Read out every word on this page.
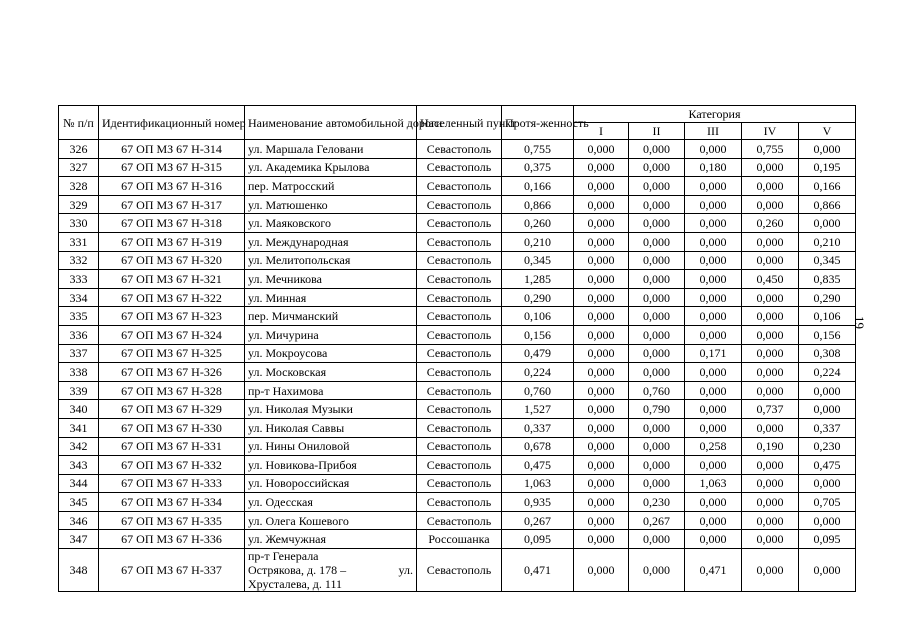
19
№ п/п	Идентификационный номер	Наименование автомобильной дороги	Населенный пункт	Протя-женность	Категория				
					I	II	III	IV	V
326	67 ОП МЗ 67 Н-314	ул. Маршала Геловани	Севастополь	0,755	0,000	0,000	0,000	0,755	0,000
327	67 ОП МЗ 67 Н-315	ул. Академика Крылова	Севастополь	0,375	0,000	0,000	0,180	0,000	0,195
328	67 ОП МЗ 67 Н-316	пер. Матросский	Севастополь	0,166	0,000	0,000	0,000	0,000	0,166
329	67 ОП МЗ 67 Н-317	ул. Матюшенко	Севастополь	0,866	0,000	0,000	0,000	0,000	0,866
330	67 ОП МЗ 67 Н-318	ул. Маяковского	Севастополь	0,260	0,000	0,000	0,000	0,260	0,000
331	67 ОП МЗ 67 Н-319	ул. Международная	Севастополь	0,210	0,000	0,000	0,000	0,000	0,210
332	67 ОП МЗ 67 Н-320	ул. Мелитопольская	Севастополь	0,345	0,000	0,000	0,000	0,000	0,345
333	67 ОП МЗ 67 Н-321	ул. Мечникова	Севастополь	1,285	0,000	0,000	0,000	0,450	0,835
334	67 ОП МЗ 67 Н-322	ул. Минная	Севастополь	0,290	0,000	0,000	0,000	0,000	0,290
335	67 ОП МЗ 67 Н-323	пер. Мичманский	Севастополь	0,106	0,000	0,000	0,000	0,000	0,106
336	67 ОП МЗ 67 Н-324	ул. Мичурина	Севастополь	0,156	0,000	0,000	0,000	0,000	0,156
337	67 ОП МЗ 67 Н-325	ул. Мокроусова	Севастополь	0,479	0,000	0,000	0,171	0,000	0,308
338	67 ОП МЗ 67 Н-326	ул. Московская	Севастополь	0,224	0,000	0,000	0,000	0,000	0,224
339	67 ОП МЗ 67 Н-328	пр-т Нахимова	Севастополь	0,760	0,000	0,760	0,000	0,000	0,000
340	67 ОП МЗ 67 Н-329	ул. Николая Музыки	Севастополь	1,527	0,000	0,790	0,000	0,737	0,000
341	67 ОП МЗ 67 Н-330	ул. Николая Саввы	Севастополь	0,337	0,000	0,000	0,000	0,000	0,337
342	67 ОП МЗ 67 Н-331	ул. Нины Ониловой	Севастополь	0,678	0,000	0,000	0,258	0,190	0,230
343	67 ОП МЗ 67 Н-332	ул. Новикова-Прибоя	Севастополь	0,475	0,000	0,000	0,000	0,000	0,475
344	67 ОП МЗ 67 Н-333	ул. Новороссийская	Севастополь	1,063	0,000	0,000	1,063	0,000	0,000
345	67 ОП МЗ 67 Н-334	ул. Одесская	Севастополь	0,935	0,000	0,230	0,000	0,000	0,705
346	67 ОП МЗ 67 Н-335	ул. Олега Кошевого	Севастополь	0,267	0,000	0,267	0,000	0,000	0,000
347	67 ОП МЗ 67 Н-336	ул. Жемчужная	Россошанка	0,095	0,000	0,000	0,000	0,000	0,095
348	67 ОП МЗ 67 Н-337	пр-т Генерала
Острякова, д. 178 – ул.
Хрусталева, д. 111	Севастополь	0,471	0,000	0,000	0,471	0,000	0,000
